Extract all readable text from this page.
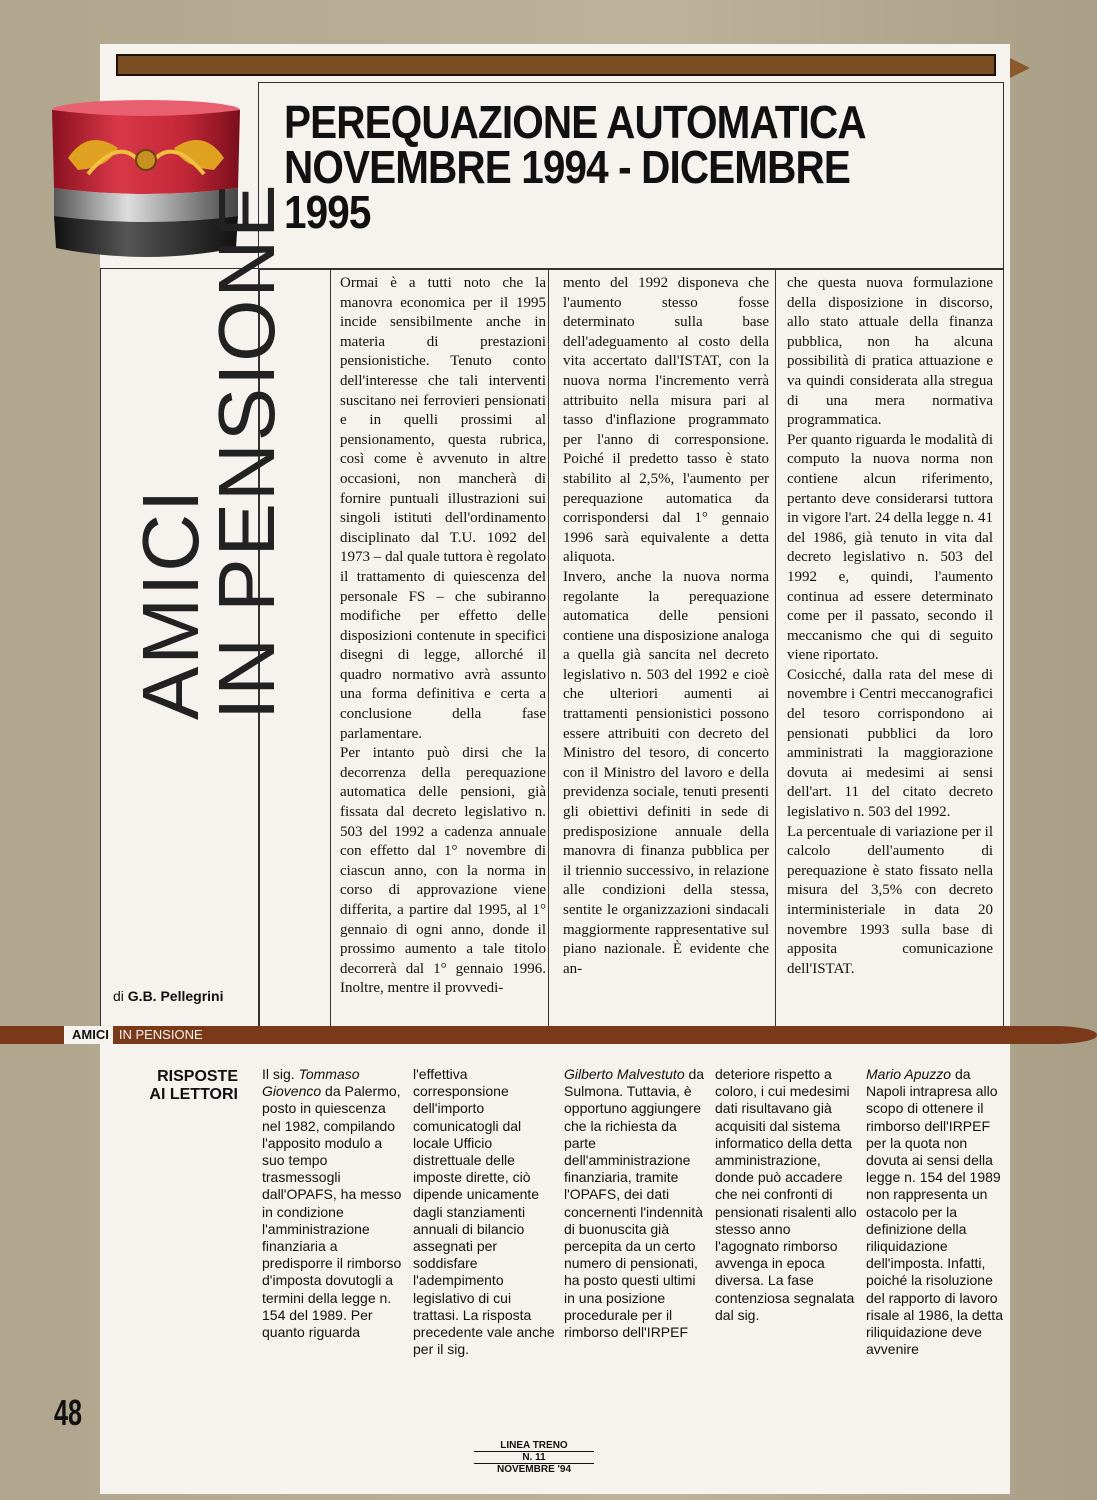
PEREQUAZIONE AUTOMATICA
NOVEMBRE 1994 - DICEMBRE 1995
AMICI
IN PENSIONE
di G.B. Pellegrini

Ormai è a tutti noto che la manovra economica per il 1995 incide sensibilmente anche in materia di prestazioni pensionistiche. Tenuto conto dell'interesse che tali interventi suscitano nei ferrovieri pensionati e in quelli prossimi al pensionamento, questa rubrica, così come è avvenuto in altre occasioni, non mancherà di fornire puntuali illustrazioni sui singoli istituti dell'ordinamento disciplinato dal T.U. 1092 del 1973 – dal quale tuttora è regolato il trattamento di quiescenza del personale FS – che subiranno modifiche per effetto delle disposizioni contenute in specifici disegni di legge, allorché il quadro normativo avrà assunto una forma definitiva e certa a conclusione della fase parlamentare.

Per intanto può dirsi che la decorrenza della perequazione automatica delle pensioni, già fissata dal decreto legislativo n. 503 del 1992 a cadenza annuale con effetto dal 1° novembre di ciascun anno, con la norma in corso di approvazione viene differita, a partire dal 1995, al 1° gennaio di ogni anno, donde il prossimo aumento a tale titolo decorrerà dal 1° gennaio 1996. Inoltre, mentre il provvedi-

mento del 1992 disponeva che l'aumento stesso fosse determinato sulla base dell'adeguamento al costo della vita accertato dall'ISTAT, con la nuova norma l'incremento verrà attribuito nella misura pari al tasso d'inflazione programmato per l'anno di corresponsione. Poiché il predetto tasso è stato stabilito al 2,5%, l'aumento per perequazione automatica da corrispondersi dal 1° gennaio 1996 sarà equivalente a detta aliquota.

Invero, anche la nuova norma regolante la perequazione automatica delle pensioni contiene una disposizione analoga a quella già sancita nel decreto legislativo n. 503 del 1992 e cioè che ulteriori aumenti ai trattamenti pensionistici possono essere attribuiti con decreto del Ministro del tesoro, di concerto con il Ministro del lavoro e della previdenza sociale, tenuti presenti gli obiettivi definiti in sede di predisposizione annuale della manovra di finanza pubblica per il triennio successivo, in relazione alle condizioni della stessa, sentite le organizzazioni sindacali maggiormente rappresentative sul piano nazionale. È evidente che an-

che questa nuova formulazione della disposizione in discorso, allo stato attuale della finanza pubblica, non ha alcuna possibilità di pratica attuazione e va quindi considerata alla stregua di una mera normativa programmatica.

Per quanto riguarda le modalità di computo la nuova norma non contiene alcun riferimento, pertanto deve considerarsi tuttora in vigore l'art. 24 della legge n. 41 del 1986, già tenuto in vita dal decreto legislativo n. 503 del 1992 e, quindi, l'aumento continua ad essere determinato come per il passato, secondo il meccanismo che qui di seguito viene riportato.

Cosicché, dalla rata del mese di novembre i Centri meccanografici del tesoro corrispondono ai pensionati pubblici da loro amministrati la maggiorazione dovuta ai medesimi ai sensi dell'art. 11 del citato decreto legislativo n. 503 del 1992.

La percentuale di variazione per il calcolo dell'aumento di perequazione è stato fissato nella misura del 3,5% con decreto interministeriale in data 20 novembre 1993 sulla base di apposita comunicazione dell'ISTAT.

AMICI IN PENSIONE
RISPOSTE
AI LETTORI

Il sig. Tommaso Giovenco da Palermo, posto in quiescenza nel 1982, compilando l'apposito modulo a suo tempo trasmessogli dall'OPAFS, ha messo in condizione l'amministrazione finanziaria a predisporre il rimborso d'imposta dovutogli a termini della legge n. 154 del 1989. Per quanto riguarda

l'effettiva corresponsione dell'importo comunicatogli dal locale Ufficio distrettuale delle imposte dirette, ciò dipende unicamente dagli stanziamenti annuali di bilancio assegnati per soddisfare l'adempimento legislativo di cui trattasi. La risposta precedente vale anche per il sig.

Gilberto Malvestuto da Sulmona. Tuttavia, è opportuno aggiungere che la richiesta da parte dell'amministrazione finanziaria, tramite l'OPAFS, dei dati concernenti l'indennità di buonuscita già percepita da un certo numero di pensionati, ha posto questi ultimi in una posizione procedurale per il rimborso dell'IRPEF

deteriore rispetto a coloro, i cui medesimi dati risultavano già acquisiti dal sistema informatico della detta amministrazione, donde può accadere che nei confronti di pensionati risalenti allo stesso anno l'agognato rimborso avvenga in epoca diversa. La fase contenziosa segnalata dal sig.

Mario Apuzzo da Napoli intrapresa allo scopo di ottenere il rimborso dell'IRPEF per la quota non dovuta ai sensi della legge n. 154 del 1989 non rappresenta un ostacolo per la definizione della riliquidazione dell'imposta. Infatti, poiché la risoluzione del rapporto di lavoro risale al 1986, la detta riliquidazione deve avvenire

48
LINEA TRENO
N. 11
NOVEMBRE '94
